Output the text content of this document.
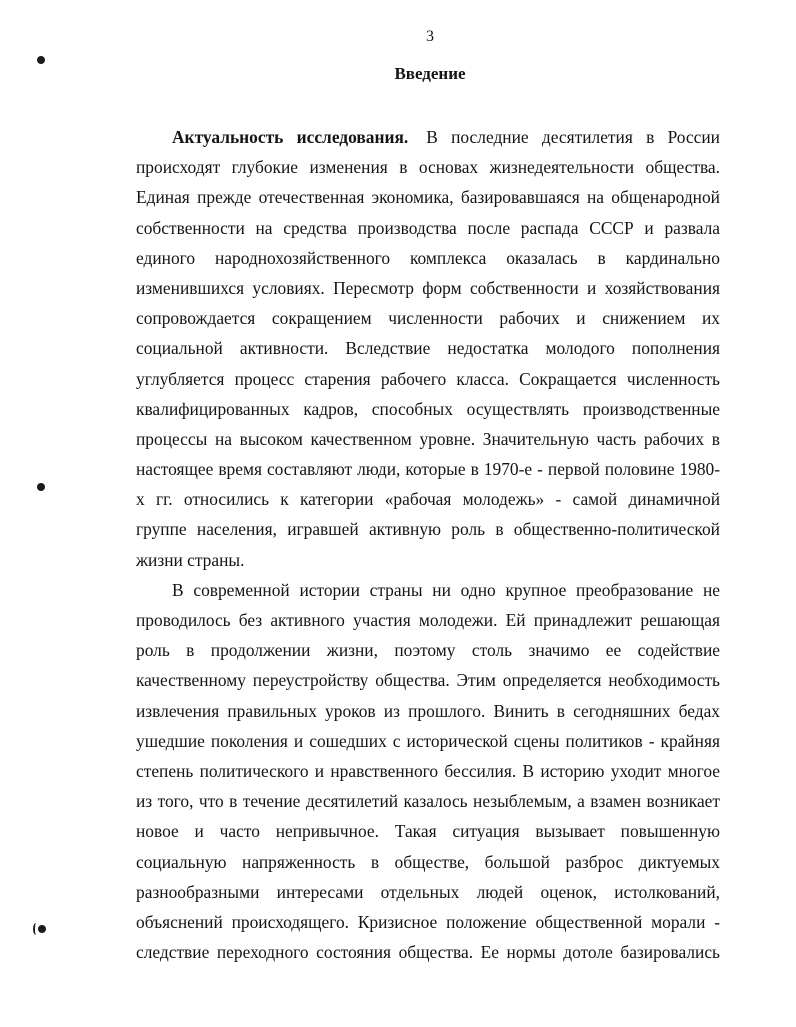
3
Введение
Актуальность исследования. В последние десятилетия в России
происходят глубокие изменения в основах жизнедеятельности общества.
Единая прежде отечественная экономика, базировавшаяся на общенародной
собственности на средства производства после распада СССР и развала
единого народнохозяйственного комплекса оказалась в кардинально
изменившихся условиях. Пересмотр форм собственности и хозяйствования
сопровождается сокращением численности рабочих и снижением их
социальной активности. Вследствие недостатка молодого пополнения
углубляется процесс старения рабочего класса. Сокращается численность
квалифицированных кадров, способных осуществлять производственные
процессы на высоком качественном уровне. Значительную часть рабочих в
настоящее время составляют люди, которые в 1970-е - первой половине 1980-
х гг. относились к категории «рабочая молодежь» - самой динамичной
группе населения, игравшей активную роль в общественно-политической
жизни страны.
В современной истории страны ни одно крупное преобразование не
проводилось без активного участия молодежи. Ей принадлежит решающая
роль в продолжении жизни, поэтому столь значимо ее содействие
качественному переустройству общества. Этим определяется необходимость
извлечения правильных уроков из прошлого. Винить в сегодняшних бедах
ушедшие поколения и сошедших с исторической сцены политиков - крайняя
степень политического и нравственного бессилия. В историю уходит многое
из того, что в течение десятилетий казалось незыблемым, а взамен возникает
новое и часто непривычное. Такая ситуация вызывает повышенную
социальную напряженность в обществе, большой разброс диктуемых
разнообразными интересами отдельных людей оценок, истолкований,
объяснений происходящего. Кризисное положение общественной морали -
следствие переходного состояния общества. Ее нормы дотоле базировались
